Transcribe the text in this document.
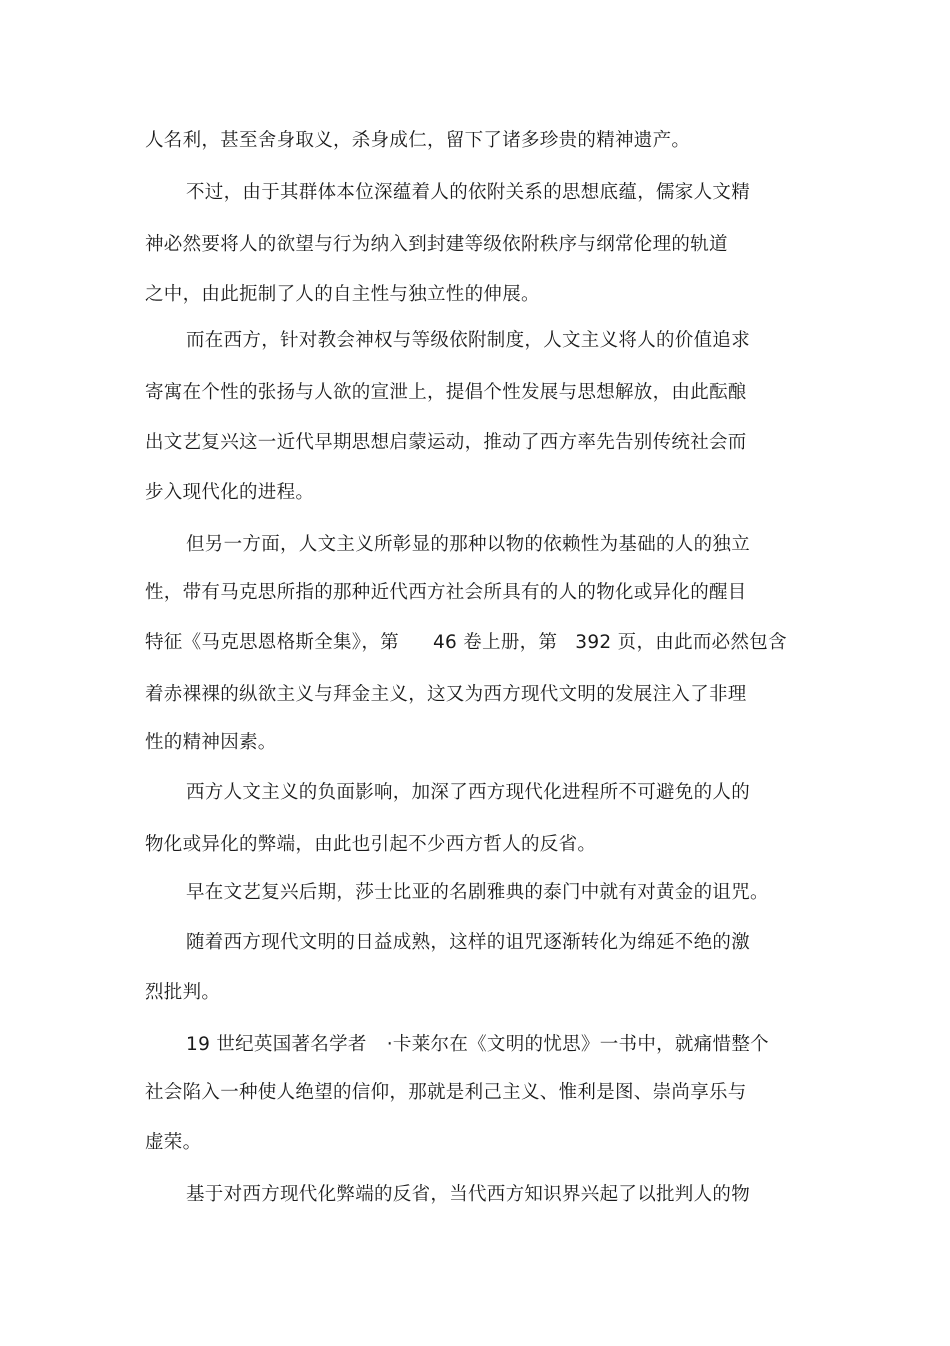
人名利，甚至舍身取义，杀身成仁，留下了诸多珍贵的精神遗产。
不过，由于其群体本位深蕴着人的依附关系的思想底蕴，儒家人文精
神必然要将人的欲望与行为纳入到封建等级依附秩序与纲常伦理的轨道
之中，由此扼制了人的自主性与独立性的伸展。
而在西方，针对教会神权与等级依附制度，人文主义将人的价值追求
寄寓在个性的张扬与人欲的宣泄上，提倡个性发展与思想解放，由此酝酿
出文艺复兴这一近代早期思想启蒙运动，推动了西方率先告别传统社会而
步入现代化的进程。
但另一方面，人文主义所彰显的那种以物的依赖性为基础的人的独立
性，带有马克思所指的那种近代西方社会所具有的人的物化或异化的醒目
特征《马克思恩格斯全集》，第 46 卷上册，第 392 页，由此而必然包含
着赤裸裸的纵欲主义与拜金主义，这又为西方现代文明的发展注入了非理
性的精神因素。
西方人文主义的负面影响，加深了西方现代化进程所不可避免的人的
物化或异化的弊端，由此也引起不少西方哲人的反省。
早在文艺复兴后期，莎士比亚的名剧雅典的泰门中就有对黄金的诅咒。
随着西方现代文明的日益成熟，这样的诅咒逐渐转化为绵延不绝的激
烈批判。
19 世纪英国著名学者 ·卡莱尔在《文明的忧思》一书中，就痛惜整个
社会陷入一种使人绝望的信仰，那就是利己主义、惟利是图、崇尚享乐与
虚荣。
基于对西方现代化弊端的反省，当代西方知识界兴起了以批判人的物
